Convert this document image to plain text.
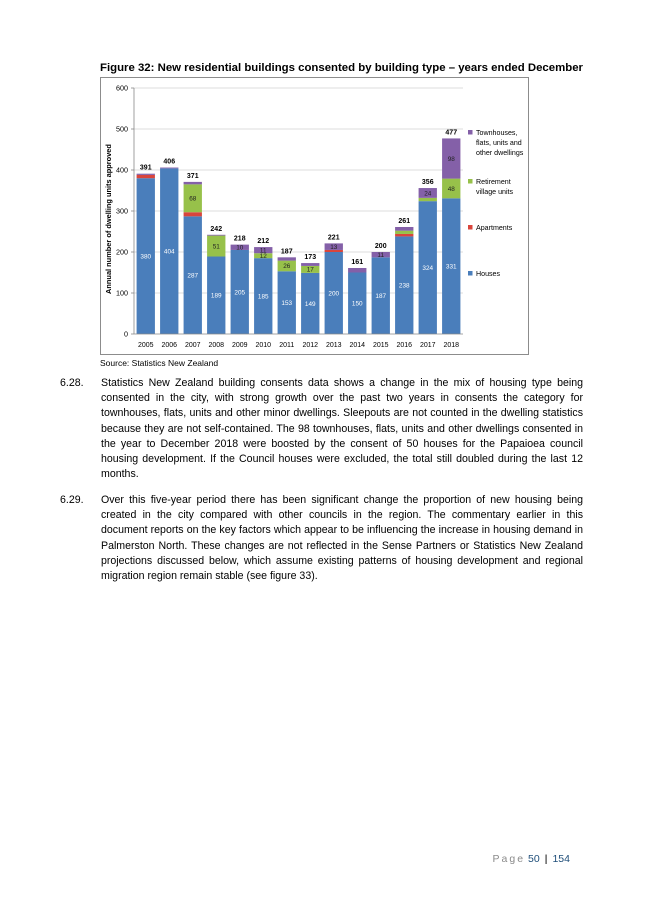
Figure 32: New residential buildings consented by building type – years ended December
380
391
404
406
287
68
371
189
51
242
205
10
218
185
12
11
212
153
26
187
149
17
173
200
13
221
150
161
187
11
200
238
261
324
24
356
331
48
98
477
0
100
200
300
400
500
600
2005 2006 2007 2008 2009 2010 2011 2012 2013 2014 2015 2016 2017 2018
Townhouses,
flats, units and
other dwellings
Retirement
village units
Apartments
Houses
Annual number of dwelling units approved
Source: Statistics New Zealand
6.28. Statistics New Zealand building consents data shows a change in the mix of housing type being consented in the city, with strong growth over the past two years in consents the category for townhouses, flats, units and other minor dwellings. Sleepouts are not counted in the dwelling statistics because they are not self-contained. The 98 townhouses, flats, units and other dwellings consented in the year to December 2018 were boosted by the consent of 50 houses for the Papaioea council housing development. If the Council houses were excluded, the total still doubled during the last 12 months.
6.29. Over this five-year period there has been significant change the proportion of new housing being created in the city compared with other councils in the region. The commentary earlier in this document reports on the key factors which appear to be influencing the increase in housing demand in Palmerston North. These changes are not reflected in the Sense Partners or Statistics New Zealand projections discussed below, which assume existing patterns of housing development and regional migration region remain stable (see figure 33).
Page 50 | 154
